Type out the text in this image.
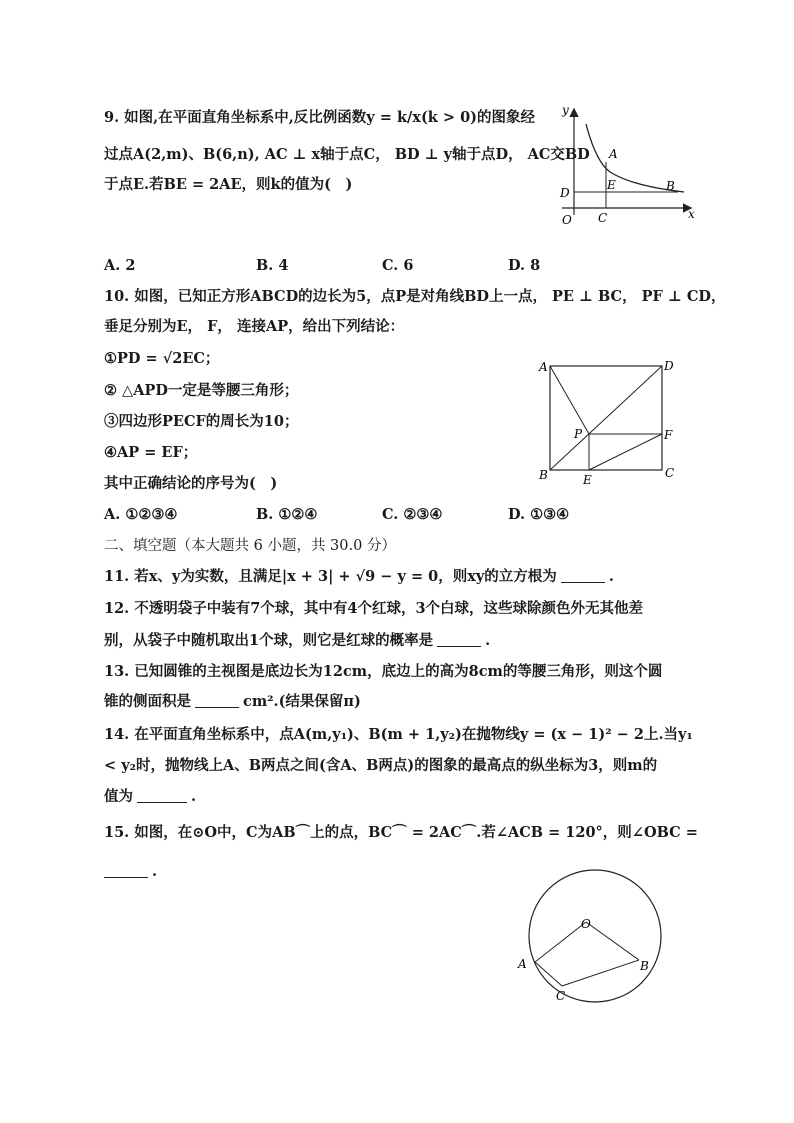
9. 如图,在平面直角坐标系中,反比例函数y = k/x(k > 0)的图象经
过点A(2,m)、B(6,n), AC ⊥ x轴于点C， BD ⊥ y轴于点D， AC交BD
于点E.若BE = 2AE，则k的值为(　)
y
x
O
A
B
C
D
E
A. 2	B. 4	C. 6	D. 8
10. 如图，已知正方形ABCD的边长为5，点P是对角线BD上一点， PE ⊥ BC， PF ⊥ CD，
垂足分别为E， F， 连接AP，给出下列结论：
①PD = √2EC；
② △APD一定是等腰三角形；
③四边形PECF的周长为10；
④AP = EF；
其中正确结论的序号为(　)
A	D
B	C
P
E
F
A. ①②③④	B. ①②④	C. ②③④	D. ①③④
二、填空题（本大题共 6 小题，共 30.0 分）
11. 若x、y为实数，且满足|x + 3| + √9 − y = 0，则xy的立方根为	.
12. 不透明袋子中装有7个球，其中有4个红球，3个白球，这些球除颜色外无其他差
别，从袋子中随机取出1个球，则它是红球的概率是	.
13. 已知圆锥的主视图是底边长为12cm，底边上的高为8cm的等腰三角形，则这个圆
锥的侧面积是	cm².(结果保留π)
14. 在平面直角坐标系中，点A(m,y₁)、B(m + 1,y₂)在抛物线y = (x − 1)² − 2上.当y₁
< y₂时，抛物线上A、B两点之间(含A、B两点)的图象的最高点的纵坐标为3，则m的
值为	.
15. 如图，在⊙O中，C为AB⌒上的点，BC⌒ = 2AC⌒.若∠ACB = 120°，则∠OBC =
.
O
A	B
C
